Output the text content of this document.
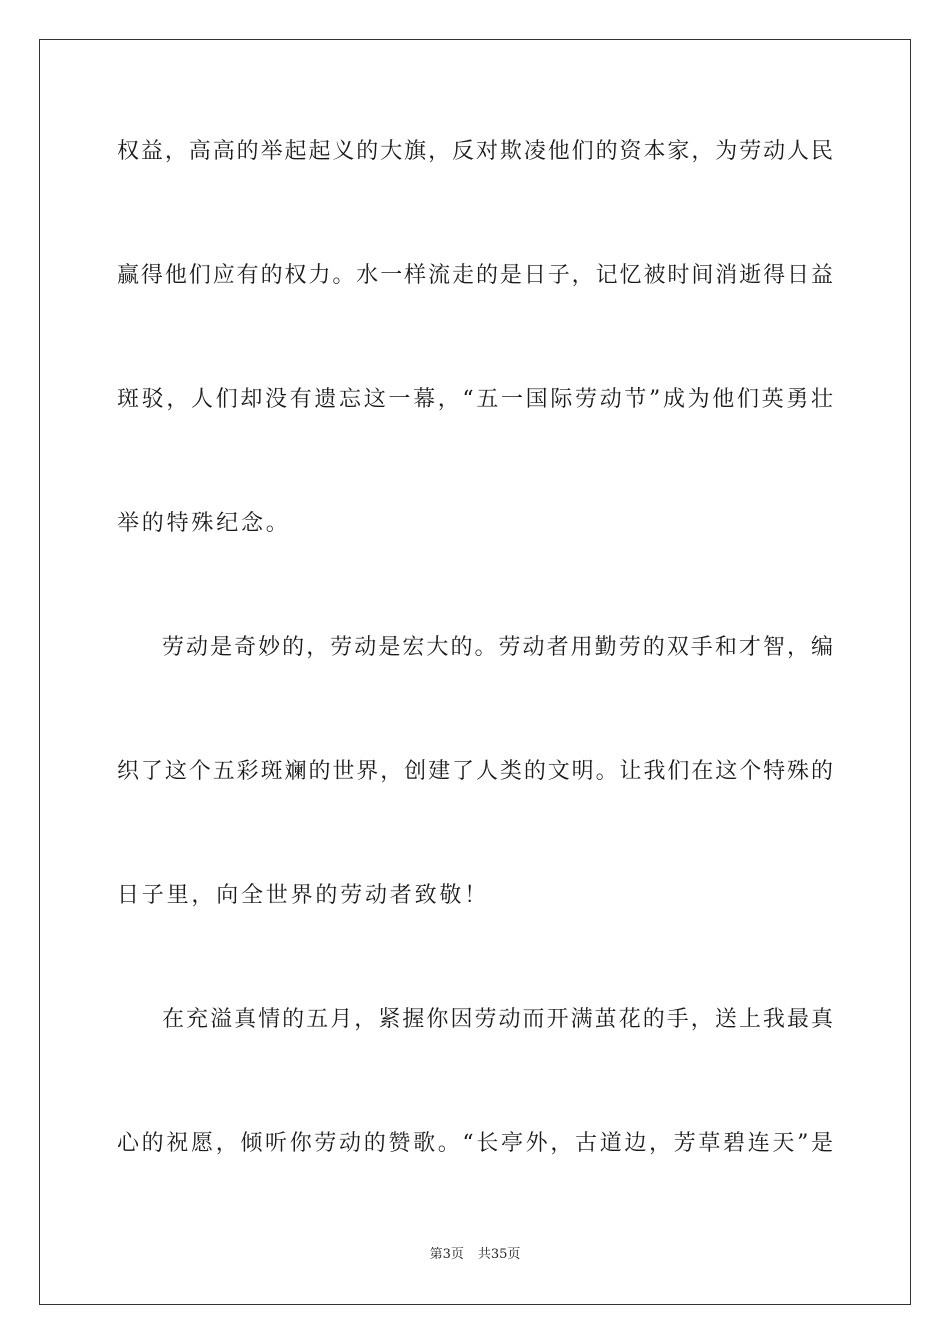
权益，高高的举起起义的大旗，反对欺凌他们的资本家，为劳动人民
赢得他们应有的权力。水一样流走的是日子，记忆被时间消逝得日益
斑驳，人们却没有遗忘这一幕，“五一国际劳动节”成为他们英勇壮
举的特殊纪念。
劳动是奇妙的，劳动是宏大的。劳动者用勤劳的双手和才智，编
织了这个五彩斑斓的世界，创建了人类的文明。让我们在这个特殊的
日子里，向全世界的劳动者致敬！
在充溢真情的五月，紧握你因劳动而开满茧花的手，送上我最真
心的祝愿，倾听你劳动的赞歌。“长亭外，古道边，芳草碧连天”是
第3页 共35页
